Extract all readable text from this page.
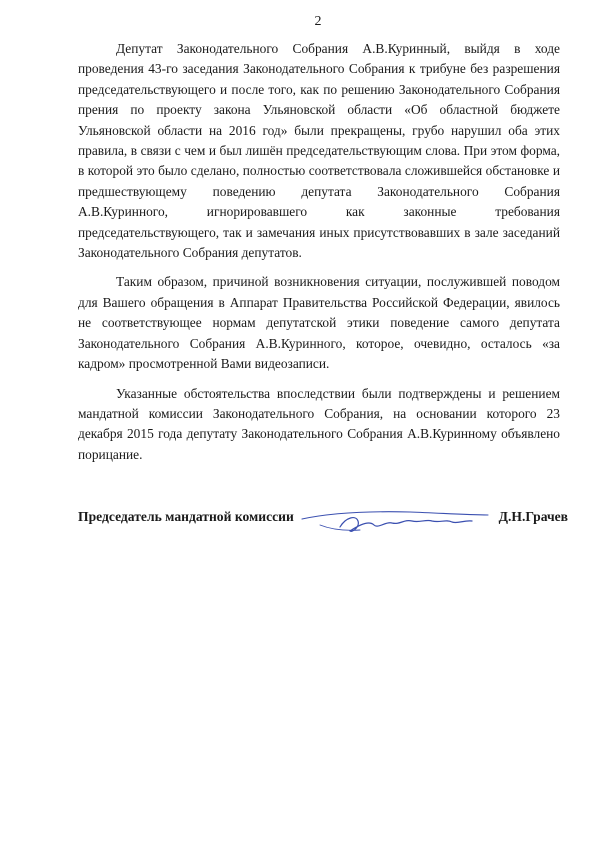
2

Депутат Законодательного Собрания А.В.Куринный, выйдя в ходе проведения 43-го заседания Законодательного Собрания к трибуне без разрешения председательствующего и после того, как по решению Законодательного Собрания прения по проекту закона Ульяновской области «Об областной бюджете Ульяновской области на 2016 год» были прекращены, грубо нарушил оба этих правила, в связи с чем и был лишён председательствующим слова. При этом форма, в которой это было сделано, полностью соответствовала сложившейся обстановке и предшествующему поведению депутата Законодательного Собрания А.В.Куринного, игнорировавшего как законные требования председательствующего, так и замечания иных присутствовавших в зале заседаний Законодательного Собрания депутатов.

Таким образом, причиной возникновения ситуации, послужившей поводом для Вашего обращения в Аппарат Правительства Российской Федерации, явилось не соответствующее нормам депутатской этики поведение самого депутата Законодательного Собрания А.В.Куринного, которое, очевидно, осталось «за кадром» просмотренной Вами видеозаписи.

Указанные обстоятельства впоследствии были подтверждены и решением мандатной комиссии Законодательного Собрания, на основании которого 23 декабря 2015 года депутату Законодательного Собрания А.В.Куринному объявлено порицание.

Председатель мандатной комиссии	Д.Н.Грачев
